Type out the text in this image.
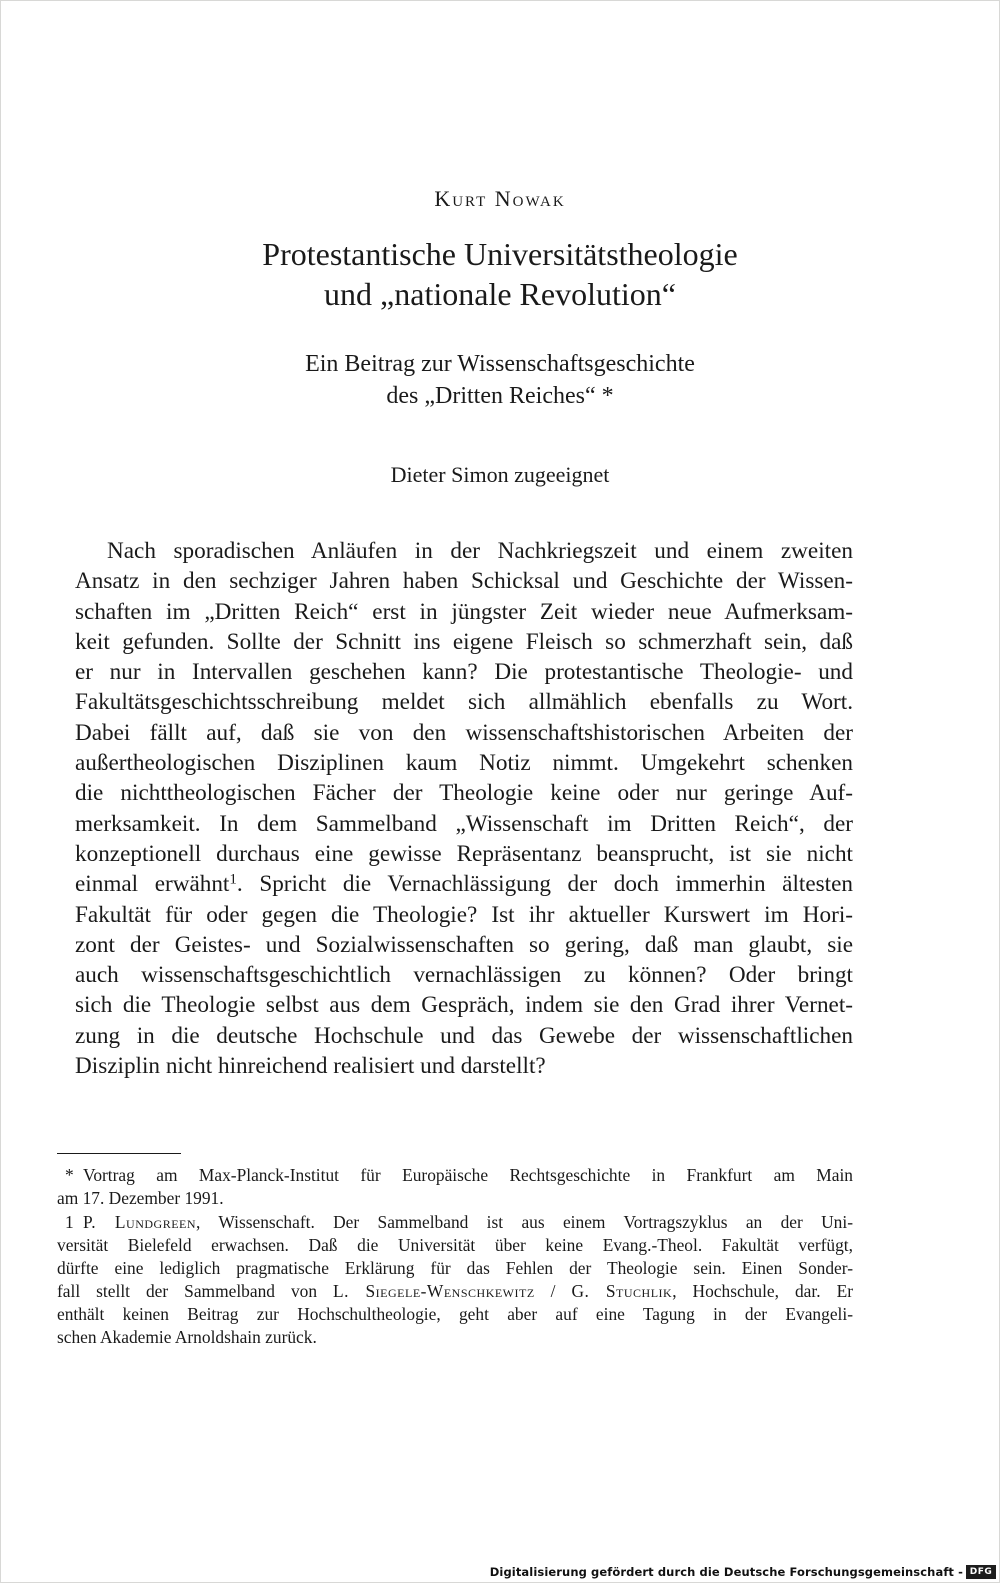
Kurt Nowak
Protestantische Universitätstheologie
und „nationale Revolution“
Ein Beitrag zur Wissenschaftsgeschichte
des „Dritten Reiches“ *
Dieter Simon zugeeignet
Nach sporadischen Anläufen in der Nachkriegszeit und einem zweiten
Ansatz in den sechziger Jahren haben Schicksal und Geschichte der Wissen-
schaften im „Dritten Reich“ erst in jüngster Zeit wieder neue Aufmerksam-
keit gefunden. Sollte der Schnitt ins eigene Fleisch so schmerzhaft sein, daß
er nur in Intervallen geschehen kann? Die protestantische Theologie- und
Fakultätsgeschichtsschreibung meldet sich allmählich ebenfalls zu Wort.
Dabei fällt auf, daß sie von den wissenschaftshistorischen Arbeiten der
außertheologischen Disziplinen kaum Notiz nimmt. Umgekehrt schenken
die nichttheologischen Fächer der Theologie keine oder nur geringe Auf-
merksamkeit. In dem Sammelband „Wissenschaft im Dritten Reich“, der
konzeptionell durchaus eine gewisse Repräsentanz beansprucht, ist sie nicht
einmal erwähnt$^1$. Spricht die Vernachlässigung der doch immerhin ältesten
Fakultät für oder gegen die Theologie? Ist ihr aktueller Kurswert im Hori-
zont der Geistes- und Sozialwissenschaften so gering, daß man glaubt, sie
auch wissenschaftsgeschichtlich vernachlässigen zu können? Oder bringt
sich die Theologie selbst aus dem Gespräch, indem sie den Grad ihrer Vernet-
zung in die deutsche Hochschule und das Gewebe der wissenschaftlichen
Disziplin nicht hinreichend realisiert und darstellt?
* Vortrag am Max-Planck-Institut für Europäische Rechtsgeschichte in Frankfurt am Main
am 17. Dezember 1991.
1 P. Lundgreen, Wissenschaft. Der Sammelband ist aus einem Vortragszyklus an der Uni-
versität Bielefeld erwachsen. Daß die Universität über keine Evang.-Theol. Fakultät verfügt,
dürfte eine lediglich pragmatische Erklärung für das Fehlen der Theologie sein. Einen Sonder-
fall stellt der Sammelband von L. Siegele-Wenschkewitz / G. Stuchlik, Hochschule, dar. Er
enthält keinen Beitrag zur Hochschultheologie, geht aber auf eine Tagung in der Evangeli-
schen Akademie Arnoldshain zurück.
Digitalisierung gefördert durch die Deutsche Forschungsgemeinschaft - DFG
